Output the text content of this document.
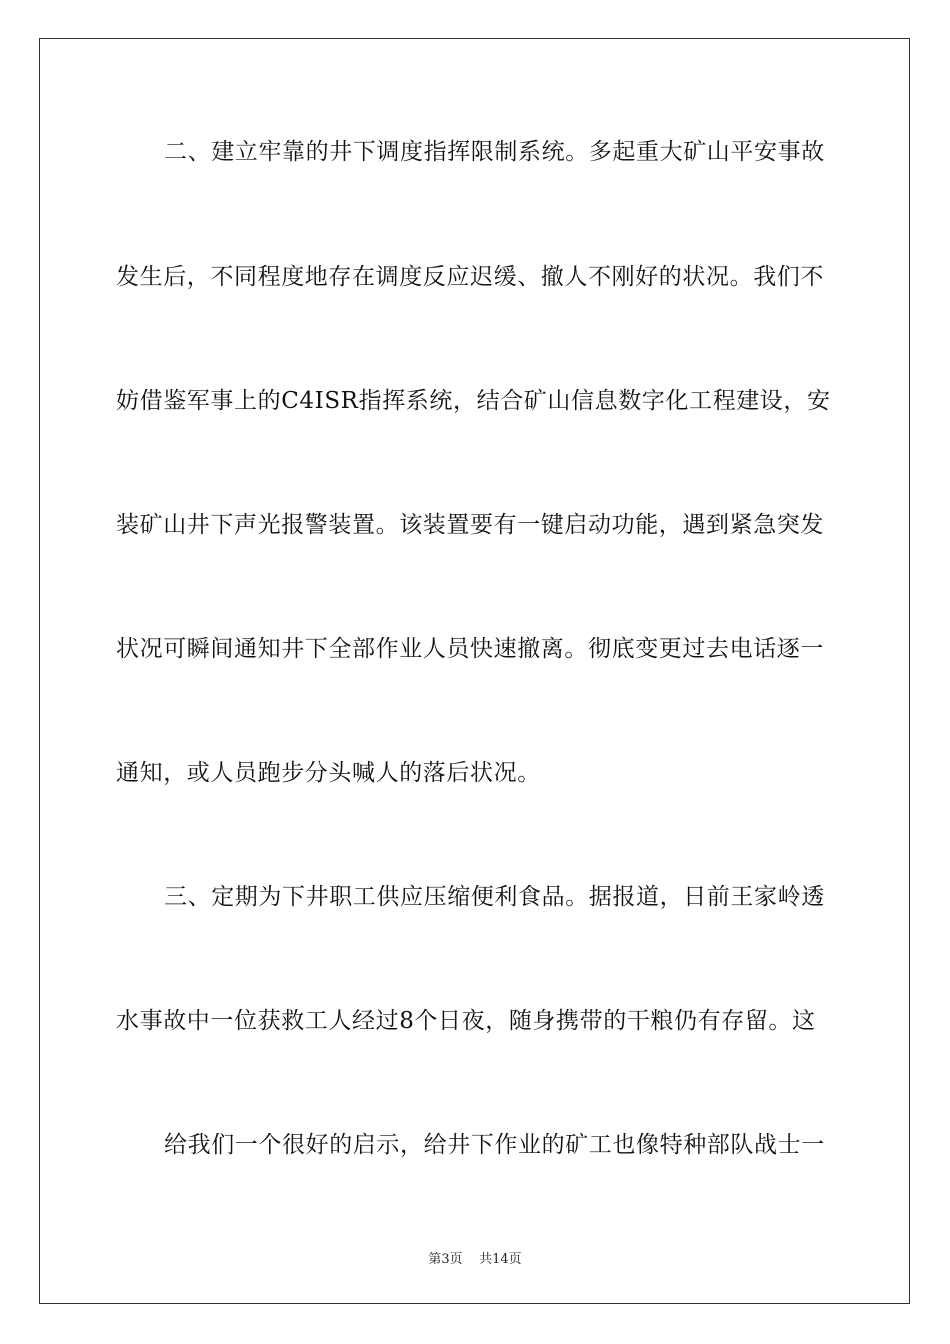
二、建立牢靠的井下调度指挥限制系统。多起重大矿山平安事故
发生后，不同程度地存在调度反应迟缓、撤人不刚好的状况。我们不
妨借鉴军事上的C4ISR指挥系统，结合矿山信息数字化工程建设，安
装矿山井下声光报警装置。该装置要有一键启动功能，遇到紧急突发
状况可瞬间通知井下全部作业人员快速撤离。彻底变更过去电话逐一
通知，或人员跑步分头喊人的落后状况。
三、定期为下井职工供应压缩便利食品。据报道，日前王家岭透
水事故中一位获救工人经过8个日夜，随身携带的干粮仍有存留。这
给我们一个很好的启示，给井下作业的矿工也像特种部队战士一
第3页 共14页
